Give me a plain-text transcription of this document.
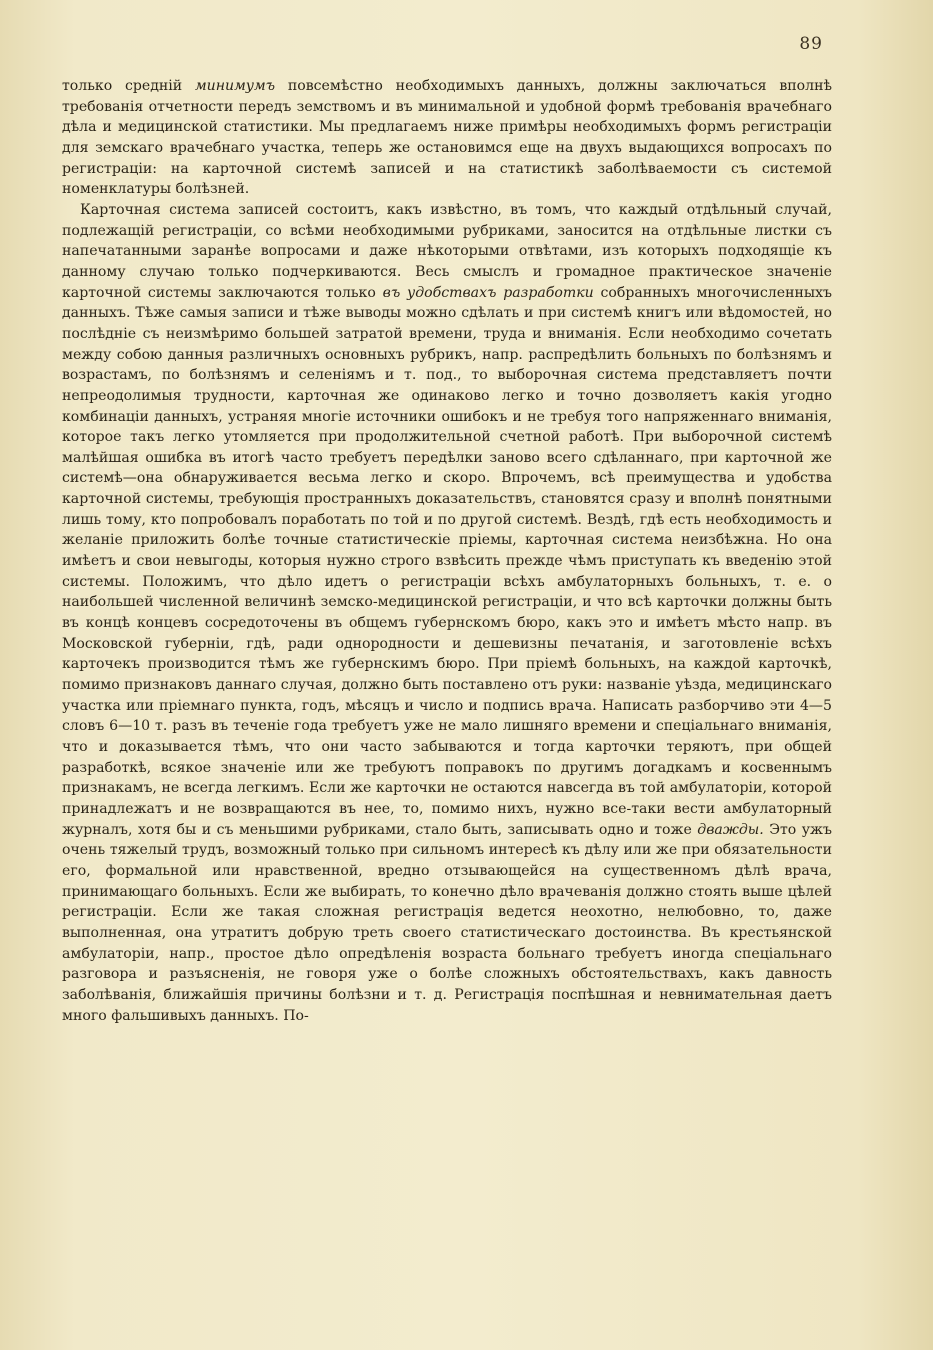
89

только средній минимумъ повсемѣстно необходимыхъ данныхъ, должны заключаться вполнѣ требованія отчетности передъ земствомъ и въ минимальной и удобной формѣ требованія врачебнаго дѣла и медицинской статистики. Мы предлагаемъ ниже примѣры необходимыхъ формъ регистраціи для земскаго врачебнаго участка, теперь же остановимся еще на двухъ выдающихся вопросахъ по регистраціи: на карточной системѣ записей и на статистикѣ заболѣваемости съ системой номенклатуры болѣзней.

Карточная система записей состоитъ, какъ извѣстно, въ томъ, что каждый отдѣльный случай, подлежащій регистраціи, со всѣми необходимыми рубриками, заносится на отдѣльные листки съ напечатанными заранѣе вопросами и даже нѣкоторыми отвѣтами, изъ которыхъ подходящіе къ данному случаю только подчеркиваются. Весь смыслъ и громадное практическое значеніе карточной системы заключаются только въ удобствахъ разработки собранныхъ многочисленныхъ данныхъ. Тѣже самыя записи и тѣже выводы можно сдѣлать и при системѣ книгъ или вѣдомостей, но послѣдніе съ неизмѣримо большей затратой времени, труда и вниманія. Если необходимо сочетать между собою данныя различныхъ основныхъ рубрикъ, напр. распредѣлить больныхъ по болѣзнямъ и возрастамъ, по болѣзнямъ и селеніямъ и т. под., то выборочная система представляетъ почти непреодолимыя трудности, карточная же одинаково легко и точно дозволяетъ какія угодно комбинаціи данныхъ, устраняя многіе источники ошибокъ и не требуя того напряженнаго вниманія, которое такъ легко утомляется при продолжительной счетной работѣ. При выборочной системѣ малѣйшая ошибка въ итогѣ часто требуетъ передѣлки заново всего сдѣланнаго, при карточной же системѣ—она обнаруживается весьма легко и скоро. Впрочемъ, всѣ преимущества и удобства карточной системы, требующія пространныхъ доказательствъ, становятся сразу и вполнѣ понятными лишь тому, кто попробовалъ поработать по той и по другой системѣ. Вездѣ, гдѣ есть необходимость и желаніе приложить болѣе точные статистическіе пріемы, карточная система неизбѣжна. Но она имѣетъ и свои невыгоды, которыя нужно строго взвѣсить прежде чѣмъ приступать къ введенію этой системы. Положимъ, что дѣло идетъ о регистраціи всѣхъ амбулаторныхъ больныхъ, т. е. о наибольшей численной величинѣ земско-медицинской регистраціи, и что всѣ карточки должны быть въ концѣ концевъ сосредоточены въ общемъ губернскомъ бюро, какъ это и имѣетъ мѣсто напр. въ Московской губерніи, гдѣ, ради однородности и дешевизны печатанія, и заготовленіе всѣхъ карточекъ производится тѣмъ же губернскимъ бюро. При пріемѣ больныхъ, на каждой карточкѣ, помимо признаковъ даннаго случая, должно быть поставлено отъ руки: названіе уѣзда, медицинскаго участка или пріемнаго пункта, годъ, мѣсяцъ и число и подпись врача. Написать разборчиво эти 4—5 словъ 6—10 т. разъ въ теченіе года требуетъ уже не мало лишняго времени и спеціальнаго вниманія, что и доказывается тѣмъ, что они часто забываются и тогда карточки теряютъ, при общей разработкѣ, всякое значеніе или же требуютъ поправокъ по другимъ догадкамъ и косвеннымъ признакамъ, не всегда легкимъ. Если же карточки не остаются навсегда въ той амбулаторіи, которой принадлежатъ и не возвращаются въ нее, то, помимо нихъ, нужно все-таки вести амбулаторный журналъ, хотя бы и съ меньшими рубриками, стало быть, записывать одно и тоже дважды. Это ужъ очень тяжелый трудъ, возможный только при сильномъ интересѣ къ дѣлу или же при обязательности его, формальной или нравственной, вредно отзывающейся на существенномъ дѣлѣ врача, принимающаго больныхъ. Если же выбирать, то конечно дѣло врачеванія должно стоять выше цѣлей регистраціи. Если же такая сложная регистрація ведется неохотно, нелюбовно, то, даже выполненная, она утратитъ добрую треть своего статистическаго достоинства. Въ крестьянской амбулаторіи, напр., простое дѣло опредѣленія возраста больнаго требуетъ иногда спеціальнаго разговора и разъясненія, не говоря уже о болѣе сложныхъ обстоятельствахъ, какъ давность заболѣванія, ближайшія причины болѣзни и т. д. Регистрація поспѣшная и невнимательная даетъ много фальшивыхъ данныхъ. По-
